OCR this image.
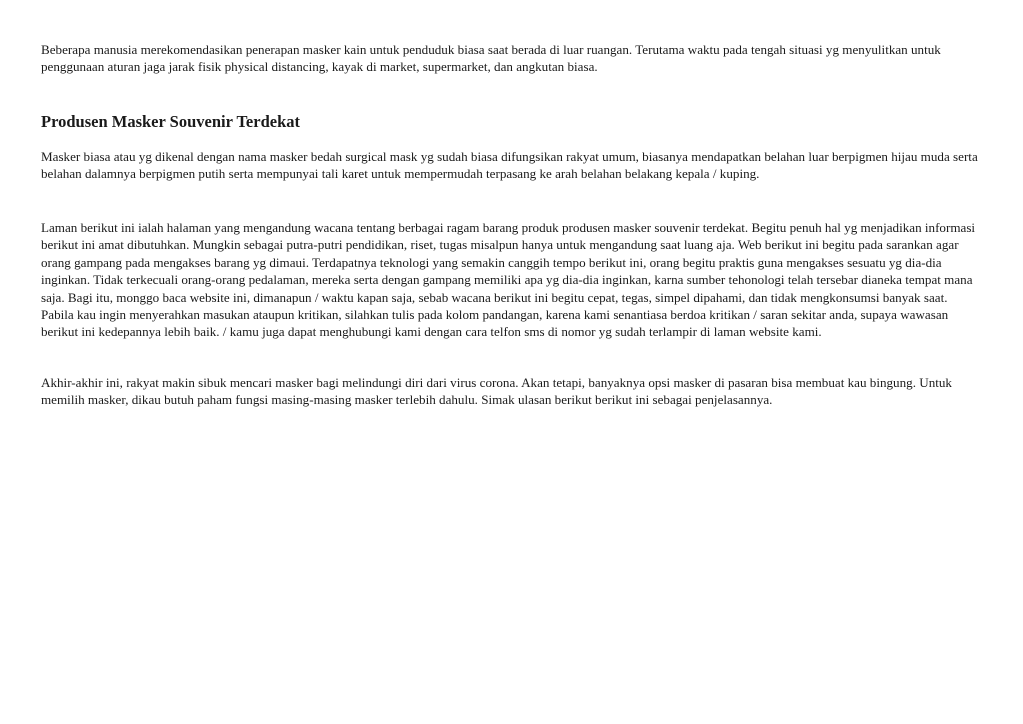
Beberapa manusia merekomendasikan penerapan masker kain untuk penduduk biasa saat berada di luar ruangan. Terutama waktu pada tengah situasi yg menyulitkan untuk penggunaan aturan jaga jarak fisik physical distancing, kayak di market, supermarket, dan angkutan biasa.

Produsen Masker Souvenir Terdekat

Masker biasa atau yg dikenal dengan nama masker bedah surgical mask yg sudah biasa difungsikan rakyat umum, biasanya mendapatkan belahan luar berpigmen hijau muda serta belahan dalamnya berpigmen putih serta mempunyai tali karet untuk mempermudah terpasang ke arah belahan belakang kepala / kuping.

Laman berikut ini ialah halaman yang mengandung wacana tentang berbagai ragam barang produk produsen masker souvenir terdekat. Begitu penuh hal yg menjadikan informasi berikut ini amat dibutuhkan. Mungkin sebagai putra-putri pendidikan, riset, tugas misalpun hanya untuk mengandung saat luang aja. Web berikut ini begitu pada sarankan agar orang gampang pada mengakses barang yg dimaui. Terdapatnya teknologi yang semakin canggih tempo berikut ini, orang begitu praktis guna mengakses sesuatu yg dia-dia inginkan. Tidak terkecuali orang-orang pedalaman, mereka serta dengan gampang memiliki apa yg dia-dia inginkan, karna sumber tehonologi telah tersebar dianeka tempat mana saja. Bagi itu, monggo baca website ini, dimanapun / waktu kapan saja, sebab wacana berikut ini begitu cepat, tegas, simpel dipahami, dan tidak mengkonsumsi banyak saat. Pabila kau ingin menyerahkan masukan ataupun kritikan, silahkan tulis pada kolom pandangan, karena kami senantiasa berdoa kritikan / saran sekitar anda, supaya wawasan berikut ini kedepannya lebih baik. / kamu juga dapat menghubungi kami dengan cara telfon sms di nomor yg sudah terlampir di laman website kami.

Akhir-akhir ini, rakyat makin sibuk mencari masker bagi melindungi diri dari virus corona. Akan tetapi, banyaknya opsi masker di pasaran bisa membuat kau bingung. Untuk memilih masker, dikau butuh paham fungsi masing-masing masker terlebih dahulu. Simak ulasan berikut berikut ini sebagai penjelasannya.
